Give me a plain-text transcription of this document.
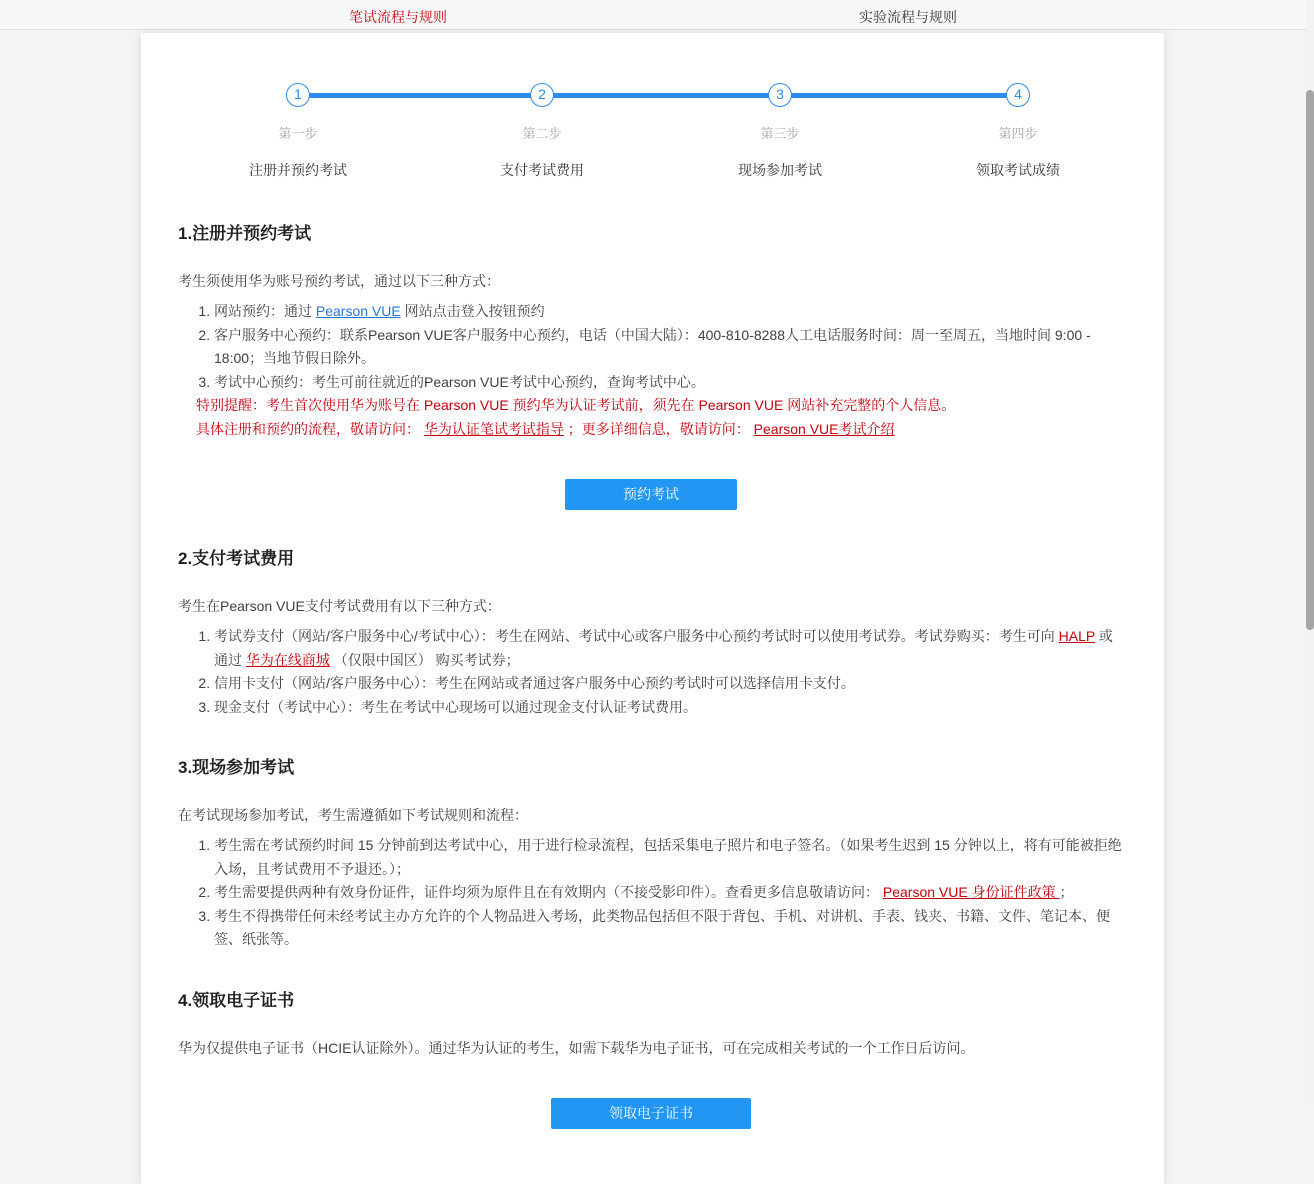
笔试流程与规则	实验流程与规则
1
第一步
注册并预约考试
2
第二步
支付考试费用
3
第三步
现场参加考试
4
第四步
领取考试成绩
1.注册并预约考试

考生须使用华为账号预约考试，通过以下三种方式：

1. 网站预约：通过 Pearson VUE 网站点击登入按钮预约
2. 客户服务中心预约：联系Pearson VUE客户服务中心预约，电话（中国大陆）：400-810-8288人工电话服务时间：周一至周五，当地时间 9:00 - 18:00；当地节假日除外。
3. 考试中心预约：考生可前往就近的Pearson VUE考试中心预约，查询考试中心。
特别提醒：考生首次使用华为账号在 Pearson VUE 预约华为认证考试前，须先在 Pearson VUE 网站补充完整的个人信息。
具体注册和预约的流程，敬请访问： 华为认证笔试考试指导 ；更多详细信息，敬请访问： Pearson VUE考试介绍
预约考试
2.支付考试费用

考生在Pearson VUE支付考试费用有以下三种方式：

1. 考试券支付（网站/客户服务中心/考试中心）：考生在网站、考试中心或客户服务中心预约考试时可以使用考试券。考试券购买：考生可向 HALP 或通过 华为在线商城 （仅限中国区） 购买考试券；
2. 信用卡支付（网站/客户服务中心）：考生在网站或者通过客户服务中心预约考试时可以选择信用卡支付。
3. 现金支付（考试中心）：考生在考试中心现场可以通过现金支付认证考试费用。
3.现场参加考试

在考试现场参加考试，考生需遵循如下考试规则和流程：

1. 考生需在考试预约时间 15 分钟前到达考试中心，用于进行检录流程，包括采集电子照片和电子签名。（如果考生迟到 15 分钟以上，将有可能被拒绝入场，且考试费用不予退还。）；
2. 考生需要提供两种有效身份证件，证件均须为原件且在有效期内（不接受影印件）。查看更多信息敬请访问： Pearson VUE 身份证件政策 ；
3. 考生不得携带任何未经考试主办方允许的个人物品进入考场，此类物品包括但不限于背包、手机、对讲机、手表、钱夹、书籍、文件、笔记本、便签、纸张等。
4.领取电子证书

华为仅提供电子证书（HCIE认证除外）。通过华为认证的考生，如需下载华为电子证书，可在完成相关考试的一个工作日后访问。

领取电子证书
